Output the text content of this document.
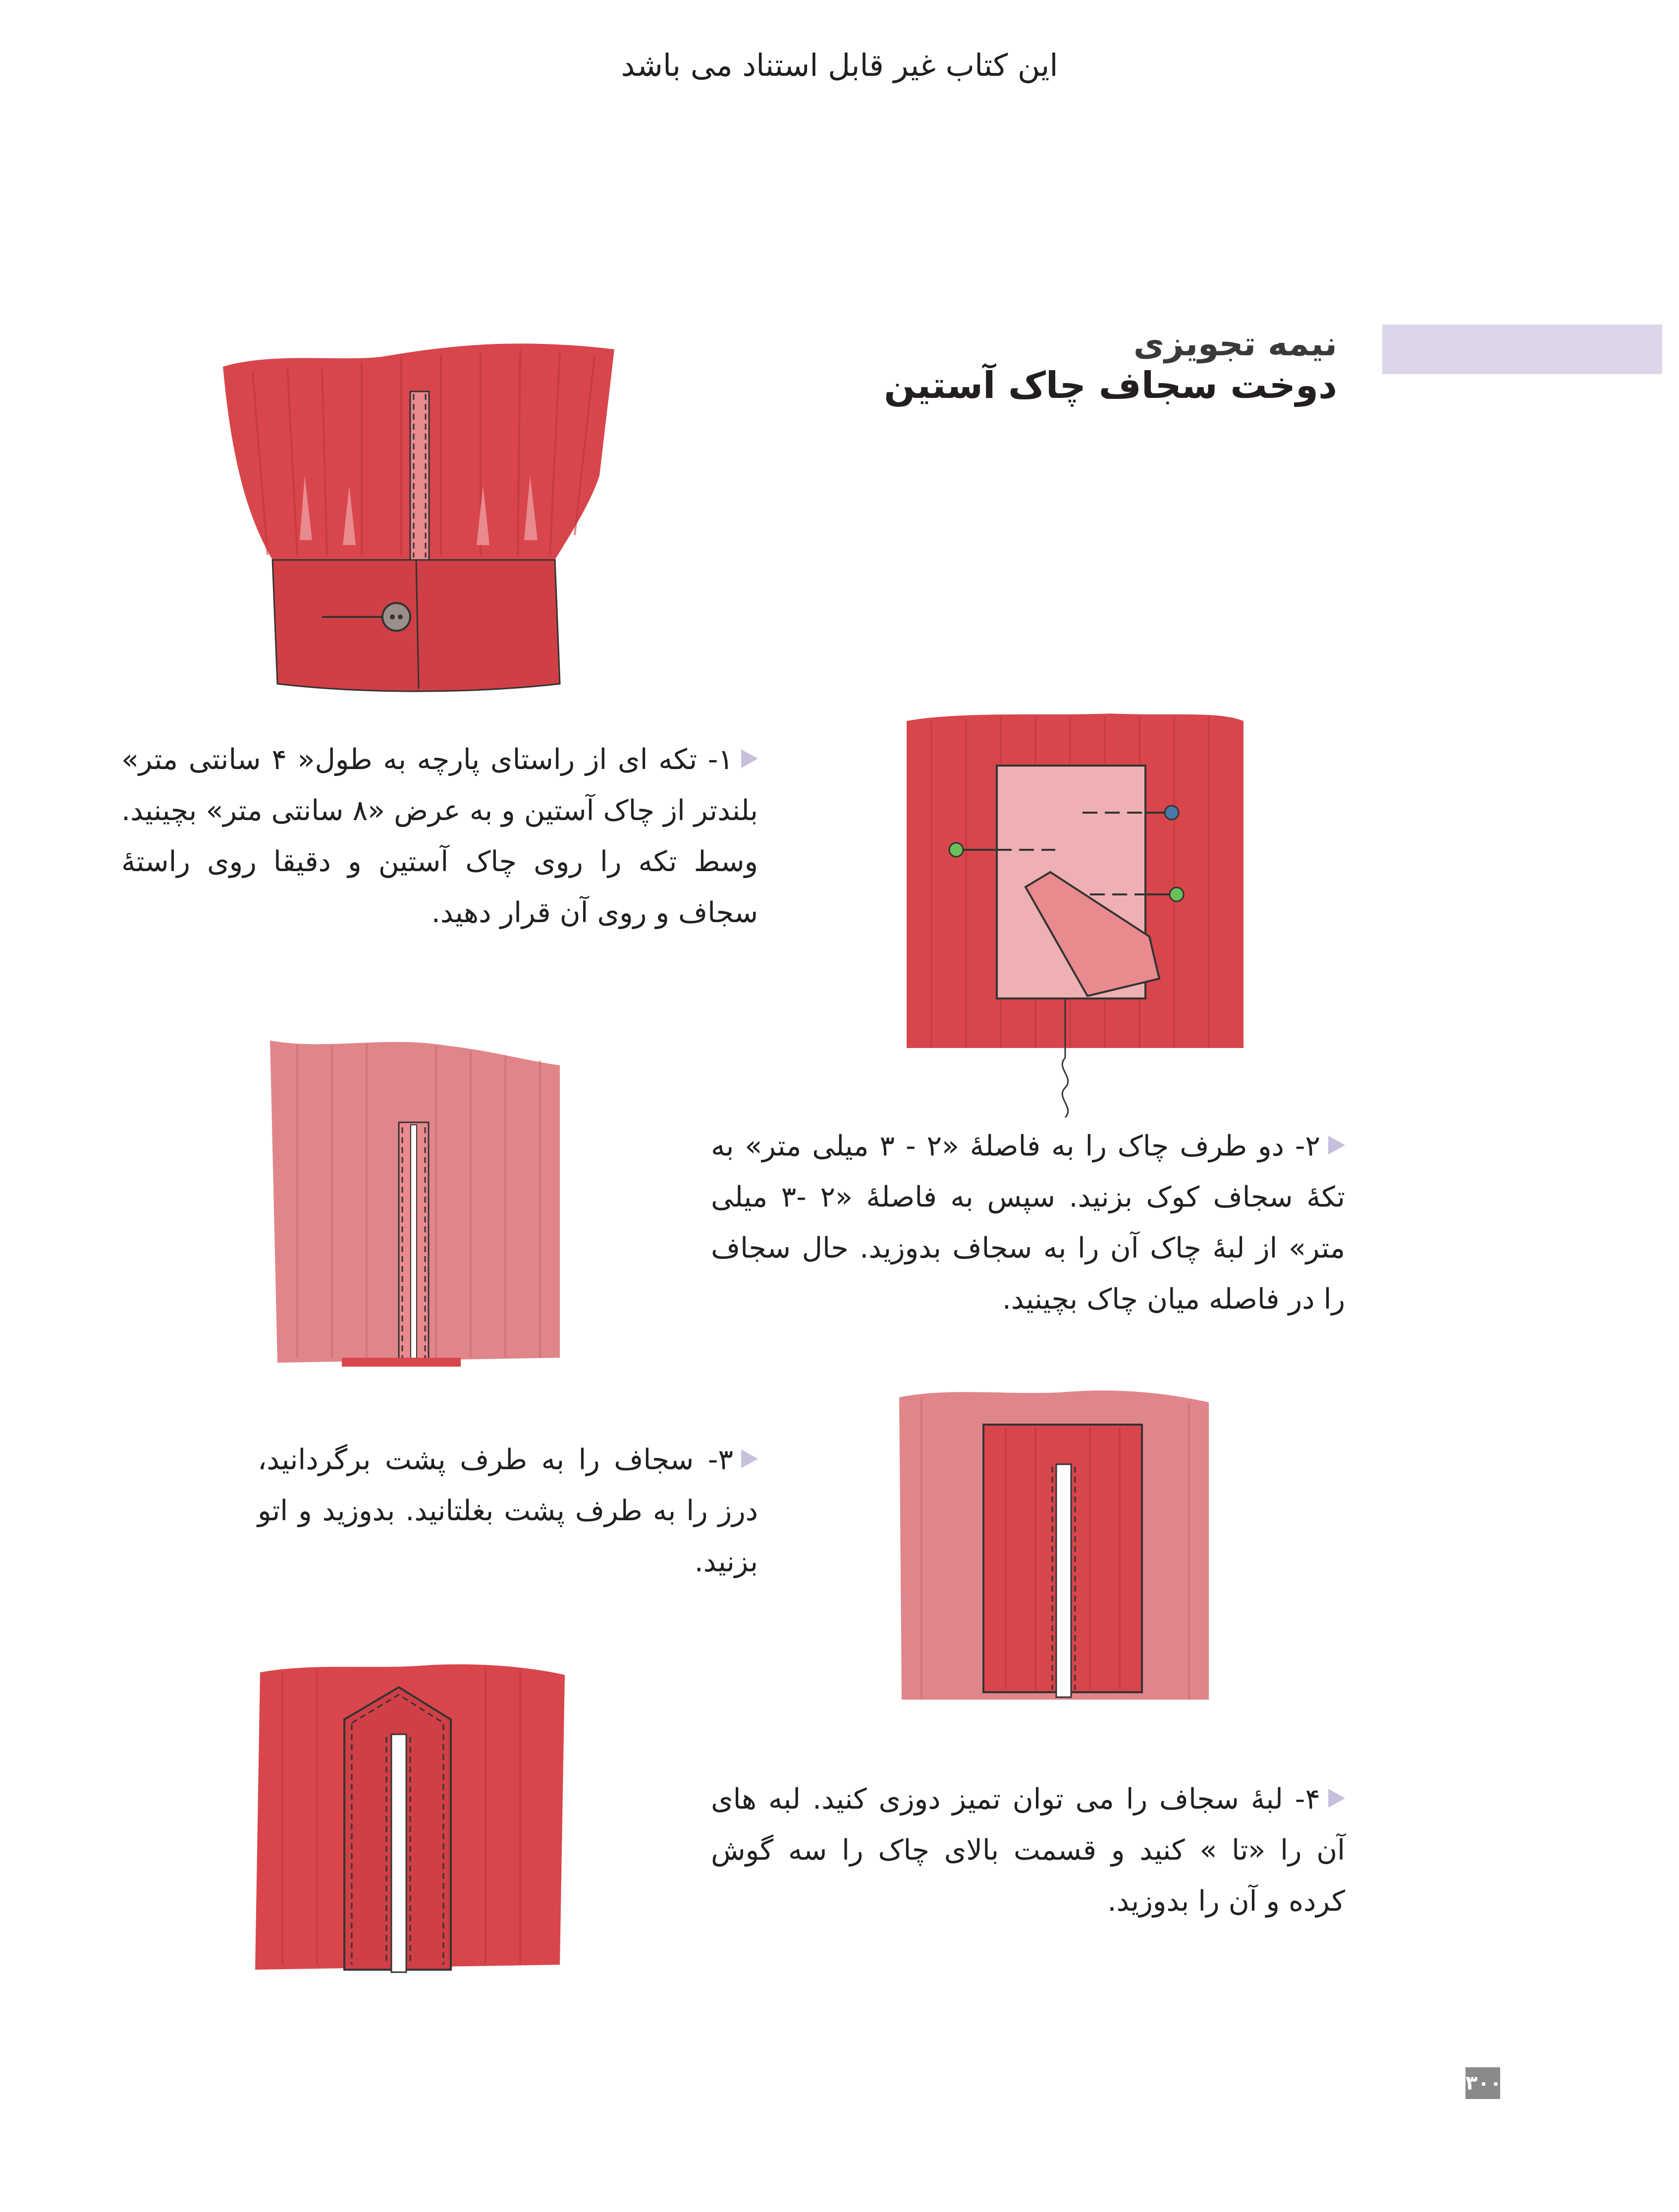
این کتاب غیر قابل استناد می باشد
نیمه تجویزی
دوخت سجاف چاک آستین
۱- تکه ای از راستای پارچه به طول« ۴ سانتی متر» بلندتر از چاک آستین و به عرض «۸ سانتی متر» بچینید. وسط تکه را روی چاک آستین و دقیقا روی راستهٔ سجاف و روی آن قرار دهید.
۲- دو طرف چاک را به فاصلهٔ «۲ - ۳ میلی متر» به تکهٔ سجاف کوک بزنید. سپس به فاصلهٔ «۲ -۳ میلی متر» از لبهٔ چاک آن را به سجاف بدوزید. حال سجاف را در فاصله میان چاک بچینید.
۳- سجاف را به طرف پشت برگردانید، درز را به طرف پشت بغلتانید. بدوزید و اتو بزنید.
۴- لبهٔ سجاف را می توان تمیز دوزی کنید. لبه های آن را «تا » کنید و قسمت بالای چاک را سه گوش کرده و آن را بدوزید.
۳۰۰
